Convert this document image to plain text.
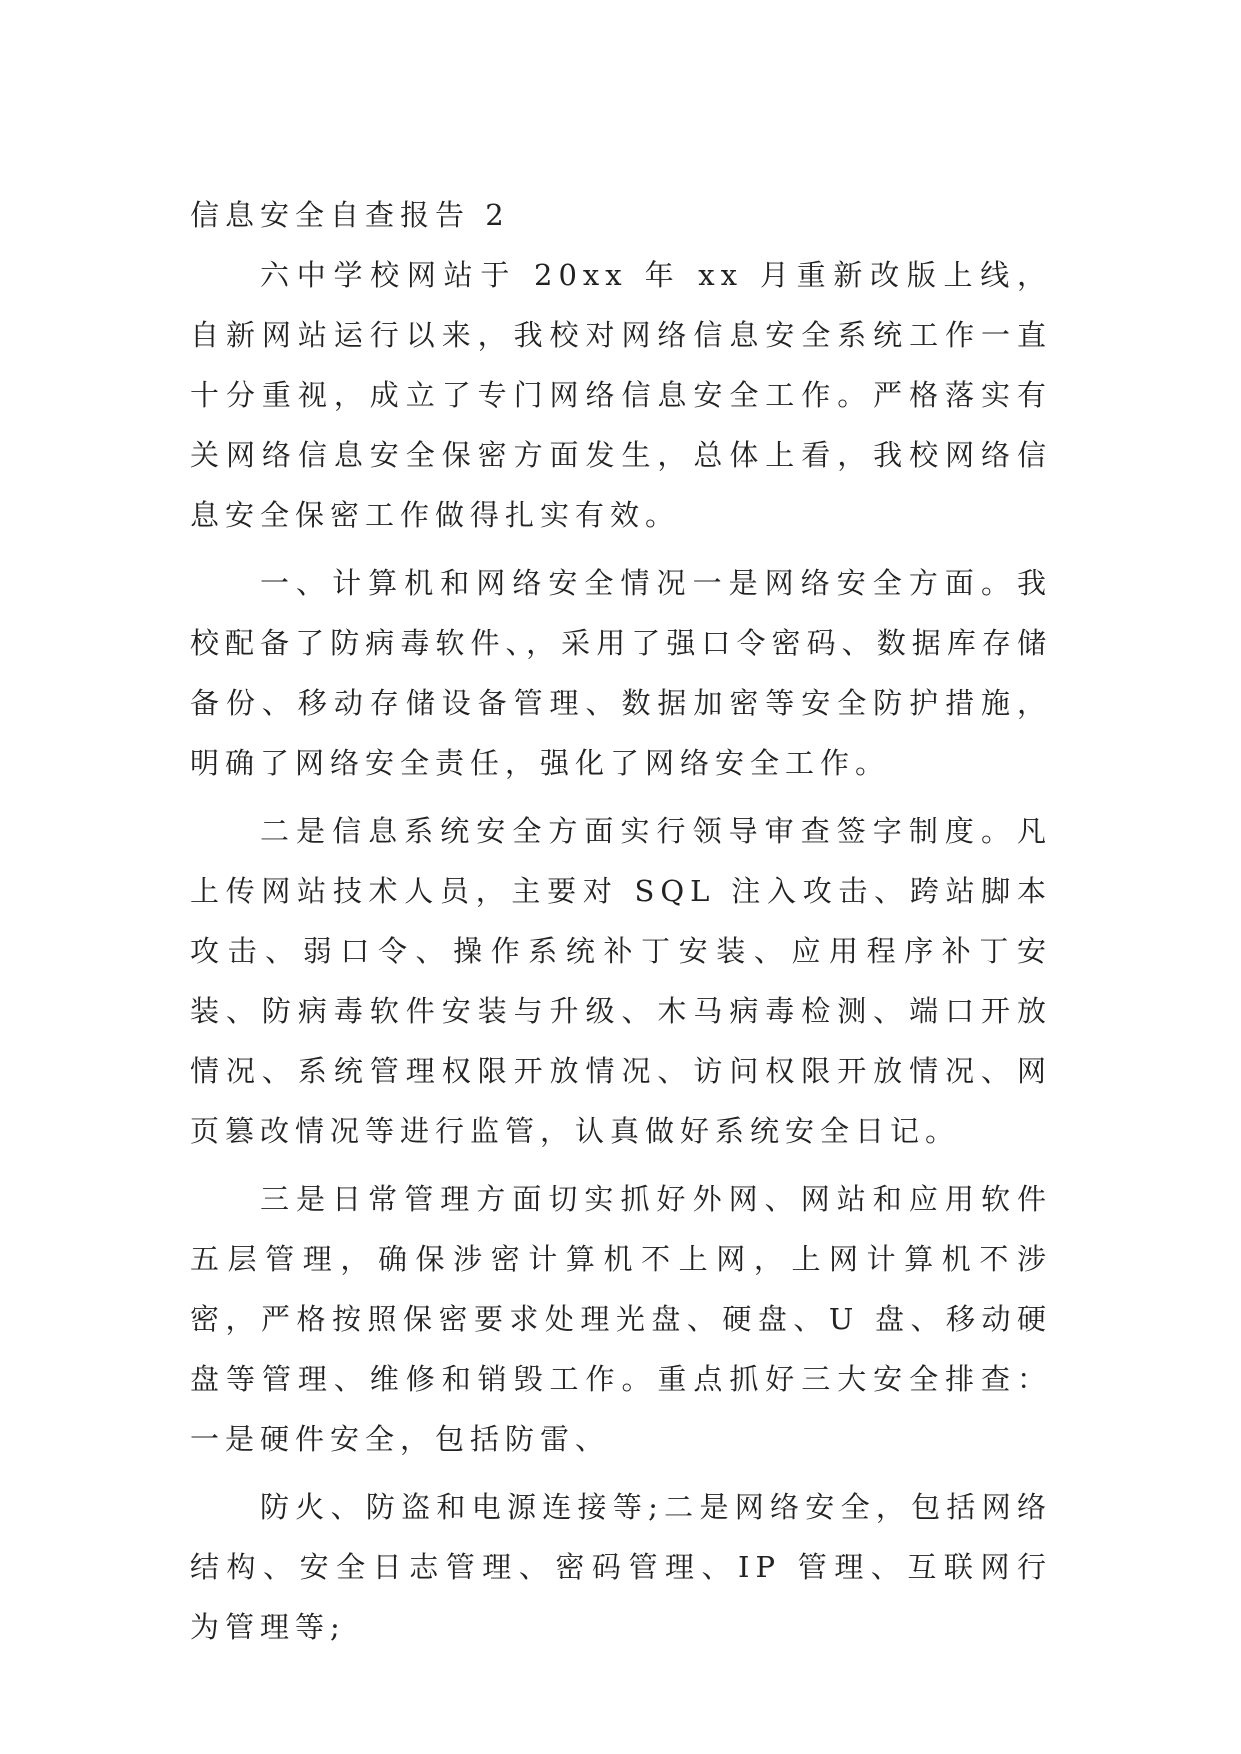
信息安全自查报告 2

六中学校网站于 20xx 年 xx 月重新改版上线，自新网站运行以来，我校对网络信息安全系统工作一直十分重视，成立了专门网络信息安全工作。严格落实有关网络信息安全保密方面发生，总体上看，我校网络信息安全保密工作做得扎实有效。

一、计算机和网络安全情况一是网络安全方面。我校配备了防病毒软件、，采用了强口令密码、数据库存储备份、移动存储设备管理、数据加密等安全防护措施，明确了网络安全责任，强化了网络安全工作。

二是信息系统安全方面实行领导审查签字制度。凡上传网站技术人员，主要对 SQL 注入攻击、跨站脚本攻击、弱口令、操作系统补丁安装、应用程序补丁安装、防病毒软件安装与升级、木马病毒检测、端口开放情况、系统管理权限开放情况、访问权限开放情况、网页篡改情况等进行监管，认真做好系统安全日记。

三是日常管理方面切实抓好外网、网站和应用软件五层管理，确保涉密计算机不上网，上网计算机不涉密，严格按照保密要求处理光盘、硬盘、U 盘、移动硬盘等管理、维修和销毁工作。重点抓好三大安全排查：一是硬件安全，包括防雷、

防火、防盗和电源连接等;二是网络安全，包括网络结构、安全日志管理、密码管理、IP 管理、互联网行为管理等;
